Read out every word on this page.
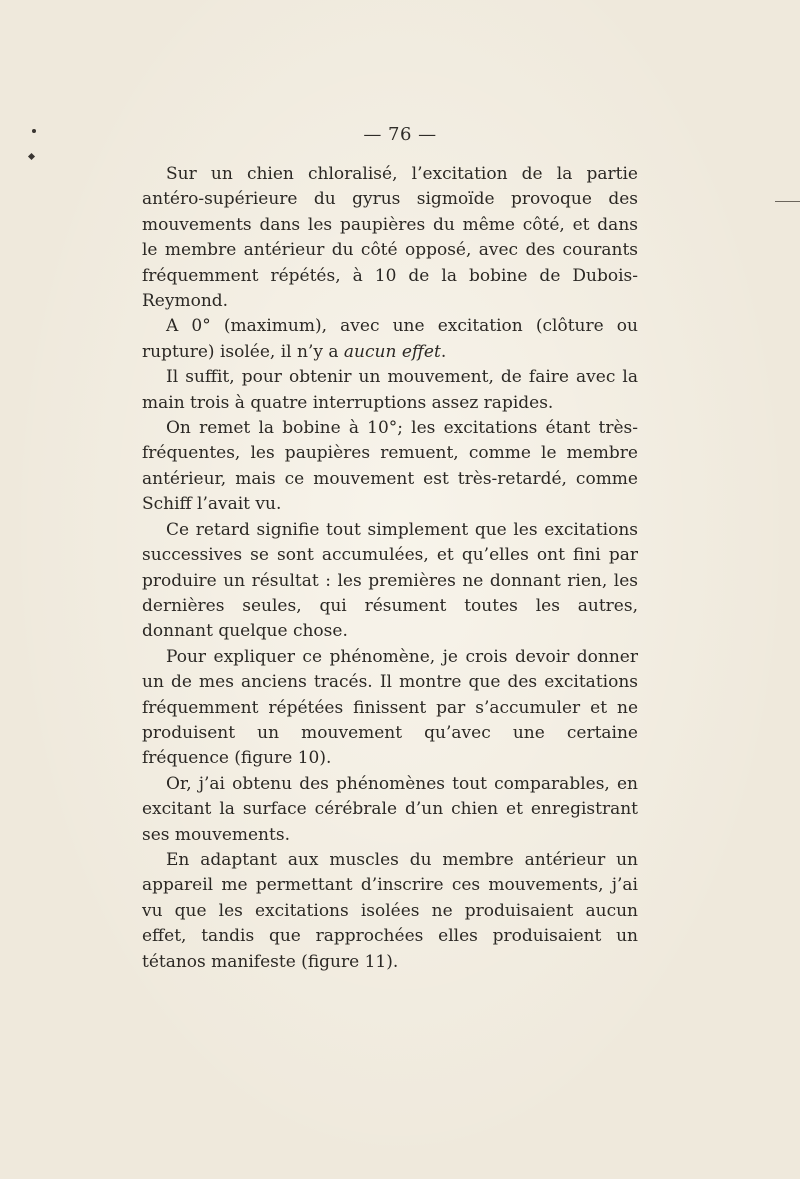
— 76 —

Sur un chien chloralisé, l’excitation de la partie antéro-supérieure du gyrus sigmoïde provoque des mouvements dans les paupières du même côté, et dans le membre antérieur du côté opposé, avec des courants fréquemment répétés, à 10 de la bobine de Dubois-Reymond.

A 0° (maximum), avec une excitation (clôture ou rupture) isolée, il n’y a aucun effet.

Il suffit, pour obtenir un mouvement, de faire avec la main trois à quatre interruptions assez rapides.

On remet la bobine à 10°; les excitations étant très-fréquentes, les paupières remuent, comme le membre antérieur, mais ce mouvement est très-retardé, comme Schiff l’avait vu.

Ce retard signifie tout simplement que les excitations successives se sont accumulées, et qu’elles ont fini par produire un résultat : les premières ne donnant rien, les dernières seules, qui résument toutes les autres, donnant quelque chose.

Pour expliquer ce phénomène, je crois devoir donner un de mes anciens tracés. Il montre que des excitations fréquemment répétées finissent par s’accumuler et ne produisent un mouvement qu’avec une certaine fréquence (figure 10).

Or, j’ai obtenu des phénomènes tout comparables, en excitant la surface cérébrale d’un chien et enregistrant ses mouvements.

En adaptant aux muscles du membre antérieur un appareil me permettant d’inscrire ces mouvements, j’ai vu que les excitations isolées ne produisaient aucun effet, tandis que rapprochées elles produisaient un tétanos manifeste (figure 11).
